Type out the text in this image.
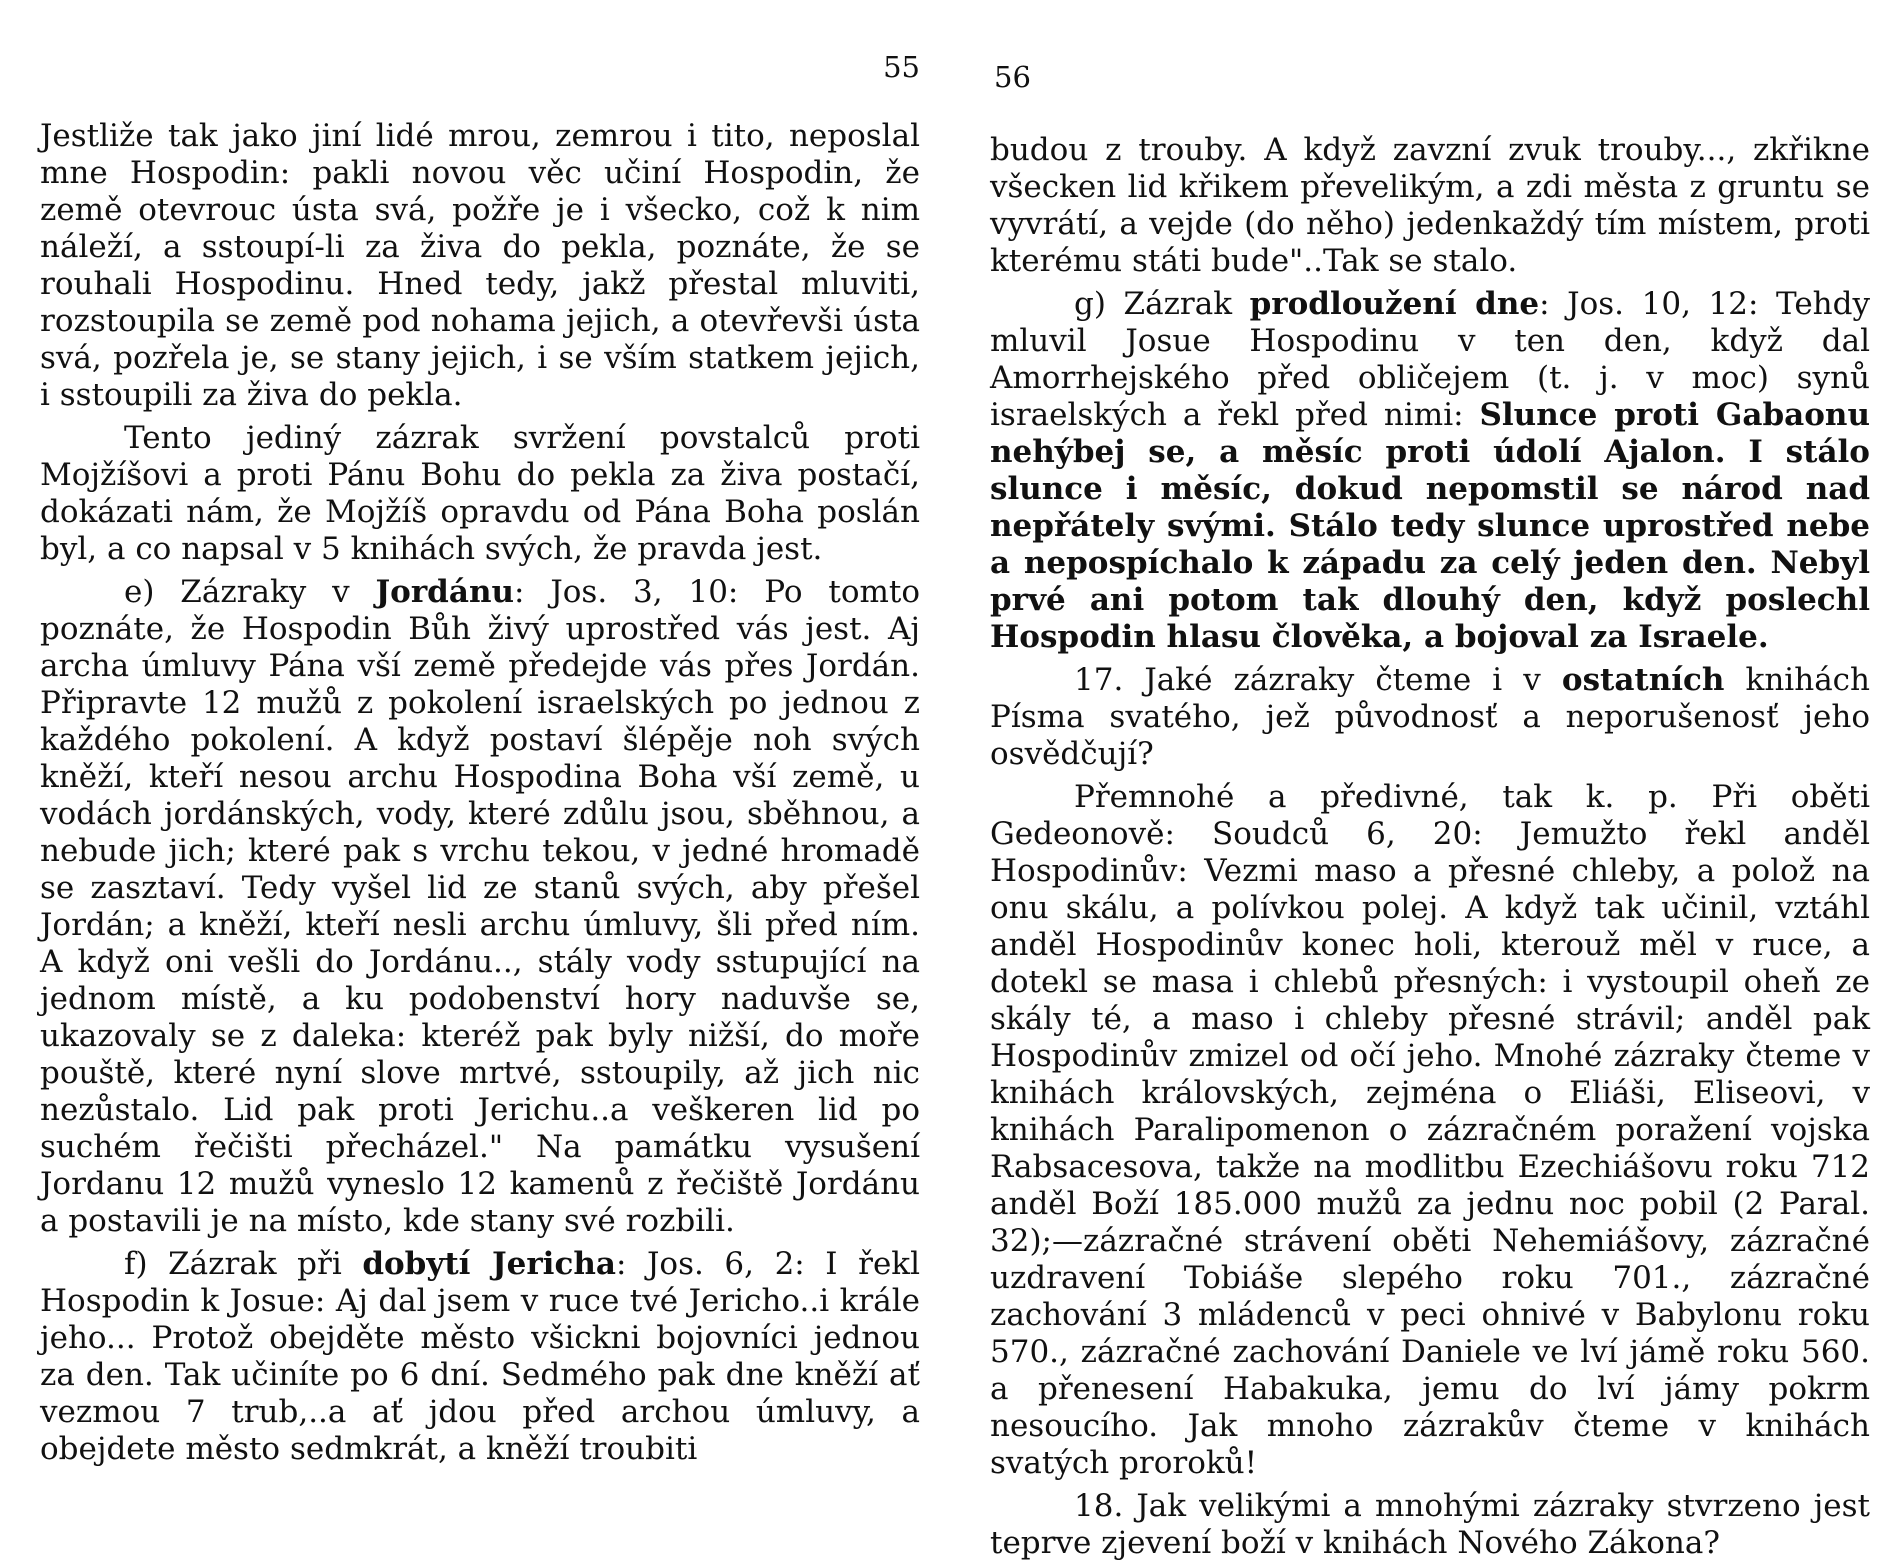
55

Jestliže tak jako jiní lidé mrou, zemrou i tito, neposlal mne Hospodin: pakli novou věc učiní Hospodin, že země otevrouc ústa svá, požře je i všecko, což k nim náleží, a sstoupí-li za živa do pekla, poznáte, že se rouhali Hospodinu. Hned tedy, jakž přestal mluviti, rozstoupila se země pod nohama jejich, a otevřevši ústa svá, pozřela je, se stany jejich, i se vším statkem jejich, i sstoupili za živa do pekla.

Tento jediný zázrak svržení povstalců proti Mojžíšovi a proti Pánu Bohu do pekla za živa postačí, dokázati nám, že Mojžíš opravdu od Pána Boha poslán byl, a co napsal v 5 knihách svých, že pravda jest.

e) Zázraky v Jordánu: Jos. 3, 10: Po tomto poznáte, že Hospodin Bůh živý uprostřed vás jest. Aj archa úmluvy Pána vší země předejde vás přes Jordán. Připravte 12 mužů z pokolení israelských po jednou z každého pokolení. A když postaví šlépěje noh svých kněží, kteří nesou archu Hospodina Boha vší země, u vodách jordánských, vody, které zdůlu jsou, sběhnou, a nebude jich; které pak s vrchu tekou, v jedné hromadě se zasztaví. Tedy vyšel lid ze stanů svých, aby přešel Jordán; a kněží, kteří nesli archu úmluvy, šli před ním. A když oni vešli do Jordánu.., stály vody sstupující na jednom místě, a ku podobenství hory naduvše se, ukazovaly se z daleka: kteréž pak byly nižší, do moře pouště, které nyní slove mrtvé, sstoupily, až jich nic nezůstalo. Lid pak proti Jerichu..a veškeren lid po suchém řečišti přecházel." Na památku vysušení Jordanu 12 mužů vyneslo 12 kamenů z řečiště Jordánu a postavili je na místo, kde stany své rozbili.

f) Zázrak při dobytí Jericha: Jos. 6, 2: I řekl Hospodin k Josue: Aj dal jsem v ruce tvé Jericho..i krále jeho... Protož obejděte město všickni bojovníci jednou za den. Tak učiníte po 6 dní. Sedmého pak dne kněží ať vezmou 7 trub,..a ať jdou před archou úmluvy, a obejdete město sedmkrát, a kněží troubiti

56

budou z trouby. A když zavzní zvuk trouby..., zkřikne všecken lid křikem převelikým, a zdi města z gruntu se vyvrátí, a vejde (do něho) jedenkaždý tím místem, proti kterému státi bude"..Tak se stalo.

g) Zázrak prodloužení dne: Jos. 10, 12: Tehdy mluvil Josue Hospodinu v ten den, když dal Amorrhejského před obličejem (t. j. v moc) synů israelských a řekl před nimi: Slunce proti Gabaonu nehýbej se, a měsíc proti údolí Ajalon. I stálo slunce i měsíc, dokud nepomstil se národ nad nepřátely svými. Stálo tedy slunce uprostřed nebe a nepospíchalo k západu za celý jeden den. Nebyl prvé ani potom tak dlouhý den, když poslechl Hospodin hlasu člověka, a bojoval za Israele.

17. Jaké zázraky čteme i v ostatních knihách Písma svatého, jež původnosť a neporušenosť jeho osvědčují?

Přemnohé a předivné, tak k. p. Při oběti Gedeonově: Soudců 6, 20: Jemužto řekl anděl Hospodinův: Vezmi maso a přesné chleby, a polož na onu skálu, a polívkou polej. A když tak učinil, vztáhl anděl Hospodinův konec holi, kterouž měl v ruce, a dotekl se masa i chlebů přesných: i vystoupil oheň ze skály té, a maso i chleby přesné strávil; anděl pak Hospodinův zmizel od očí jeho. Mnohé zázraky čteme v knihách královských, zejména o Eliáši, Eliseovi, v knihách Paralipomenon o zázračném poražení vojska Rabsacesova, takže na modlitbu Ezechiášovu roku 712 anděl Boží 185.000 mužů za jednu noc pobil (2 Paral. 32);—zázračné strávení oběti Nehemiášovy, zázračné uzdravení Tobiáše slepého roku 701., zázračné zachování 3 mládenců v peci ohnivé v Babylonu roku 570., zázračné zachování Daniele ve lví jámě roku 560. a přenesení Habakuka, jemu do lví jámy pokrm nesoucího. Jak mnoho zázrakův čteme v knihách svatých proroků!

18. Jak velikými a mnohými zázraky stvrzeno jest teprve zjevení boží v knihách Nového Zákona?
